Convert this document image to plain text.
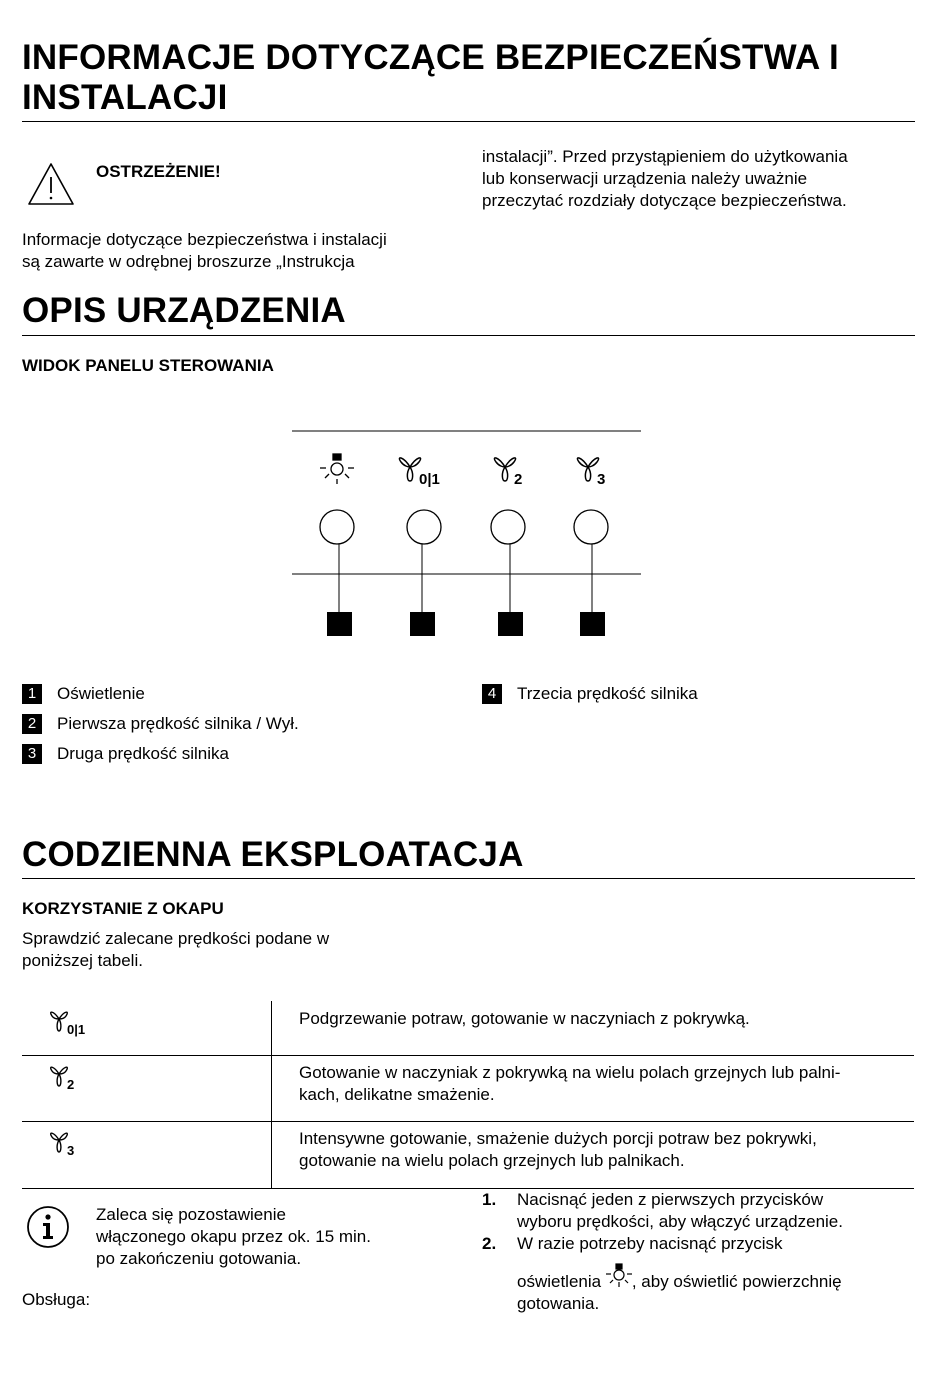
INFORMACJE DOTYCZĄCE BEZPIECZEŃSTWA I
INSTALACJI
OSTRZEŻENIE!
Informacje dotyczące bezpieczeństwa i instalacji
są zawarte w odrębnej broszurze „Instrukcja
instalacji”. Przed przystąpieniem do użytkowania
lub konserwacji urządzenia należy uważnie
przeczytać rozdziały dotyczące bezpieczeństwa.
OPIS URZĄDZENIA
WIDOK PANELU STEROWANIA
0|1	2	3
1	Oświetlenie
2	Pierwsza prędkość silnika / Wył.
3	Druga prędkość silnika
4	Trzecia prędkość silnika
CODZIENNA EKSPLOATACJA
KORZYSTANIE Z OKAPU
Sprawdzić zalecane prędkości podane w
poniższej tabeli.
0|1	Podgrzewanie potraw, gotowanie w naczyniach z pokrywką.

2	Gotowanie w naczyniak z pokrywką na wielu polach grzejnych lub palni-
kach, delikatne smażenie.

3	Intensywne gotowanie, smażenie dużych porcji potraw bez pokrywki,
gotowanie na wielu polach grzejnych lub palnikach.
Zaleca się pozostawienie
włączonego okapu przez ok. 15 min.
po zakończeniu gotowania.
Obsługa:
1. Nacisnąć jeden z pierwszych przycisków
wyboru prędkości, aby włączyć urządzenie.
2. W razie potrzeby nacisnąć przycisk
oświetlenia , aby oświetlić powierzchnię
gotowania.
